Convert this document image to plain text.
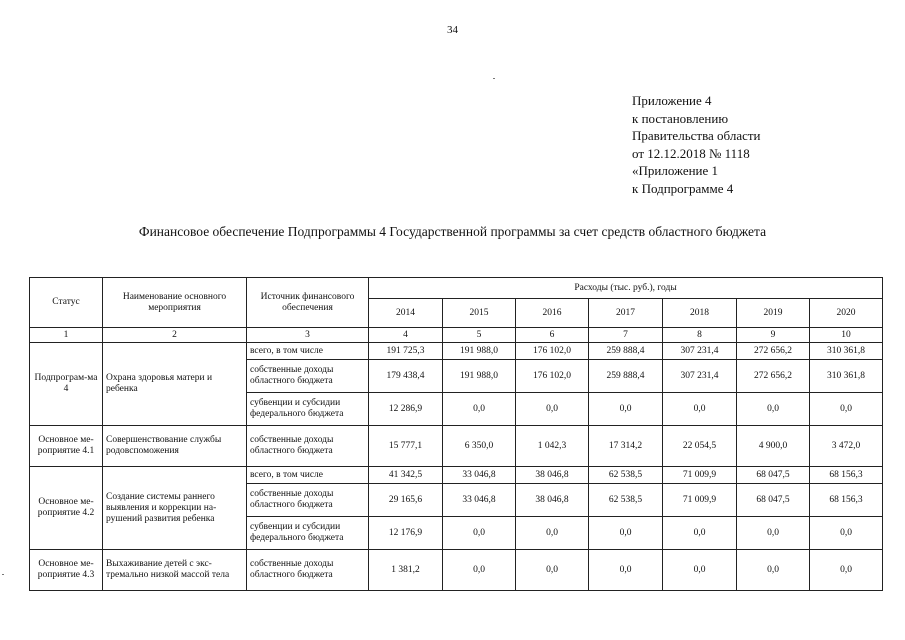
34
Приложение 4
к постановлению
Правительства области
от 12.12.2018 № 1118
«Приложение 1
к Подпрограмме 4
Финансовое обеспечение Подпрограммы 4 Государственной программы за счет средств областного бюджета
Статус	Наименование основного мероприятия	Источник финансового обеспечения	Расходы (тыс. руб.), годы						
			2014	2015	2016	2017	2018	2019	2020
1	2	3	4	5	6	7	8	9	10
Подпрограм-ма 4	Охрана здоровья матери и ребенка	всего, в том числе	191 725,3	191 988,0	176 102,0	259 888,4	307 231,4	272 656,2	310 361,8
		собственные доходы областного бюджета	179 438,4	191 988,0	176 102,0	259 888,4	307 231,4	272 656,2	310 361,8
		субвенции и субсидии федерального бюджета	12 286,9	0,0	0,0	0,0	0,0	0,0	0,0
Основное ме-роприятие 4.1	Совершенствование службы родовспоможения	собственные доходы областного бюджета	15 777,1	6 350,0	1 042,3	17 314,2	22 054,5	4 900,0	3 472,0
Основное ме-роприятие 4.2	Создание системы раннего выявления и коррекции на-рушений развития ребенка	всего, в том числе	41 342,5	33 046,8	38 046,8	62 538,5	71 009,9	68 047,5	68 156,3
		собственные доходы областного бюджета	29 165,6	33 046,8	38 046,8	62 538,5	71 009,9	68 047,5	68 156,3
		субвенции и субсидии федерального бюджета	12 176,9	0,0	0,0	0,0	0,0	0,0	0,0
Основное ме-роприятие 4.3	Выхаживание детей с экс-тремально низкой массой тела	собственные доходы областного бюджета	1 381,2	0,0	0,0	0,0	0,0	0,0	0,0
